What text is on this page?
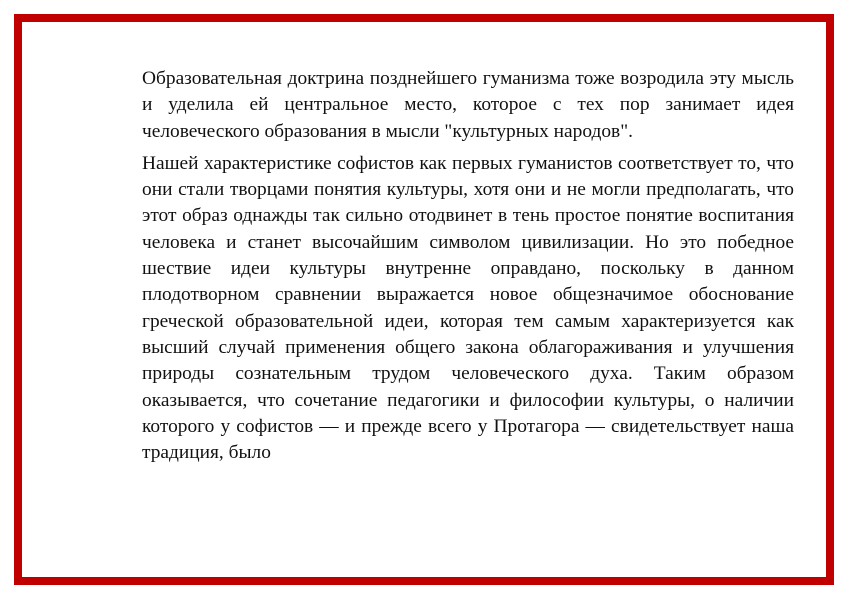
Образовательная доктрина позднейшего гуманизма тоже возродила эту мысль и уделила ей центральное место, которое с тех пор занимает идея человеческого образования в мысли "культурных народов".

Нашей характеристике софистов как первых гуманистов соответствует то, что они стали творцами понятия культуры, хотя они и не могли предполагать, что этот образ однажды так сильно отодвинет в тень простое понятие воспитания человека и станет высочайшим символом цивилизации. Но это победное шествие идеи культуры внутренне оправдано, поскольку в данном плодотворном сравнении выражается новое общезначимое обоснование греческой образовательной идеи, которая тем самым характеризуется как высший случай применения общего закона облагораживания и улучшения природы сознательным трудом человеческого духа. Таким образом оказывается, что сочетание педагогики и философии культуры, о наличии которого у софистов — и прежде всего у Протагора — свидетельствует наша традиция, было
